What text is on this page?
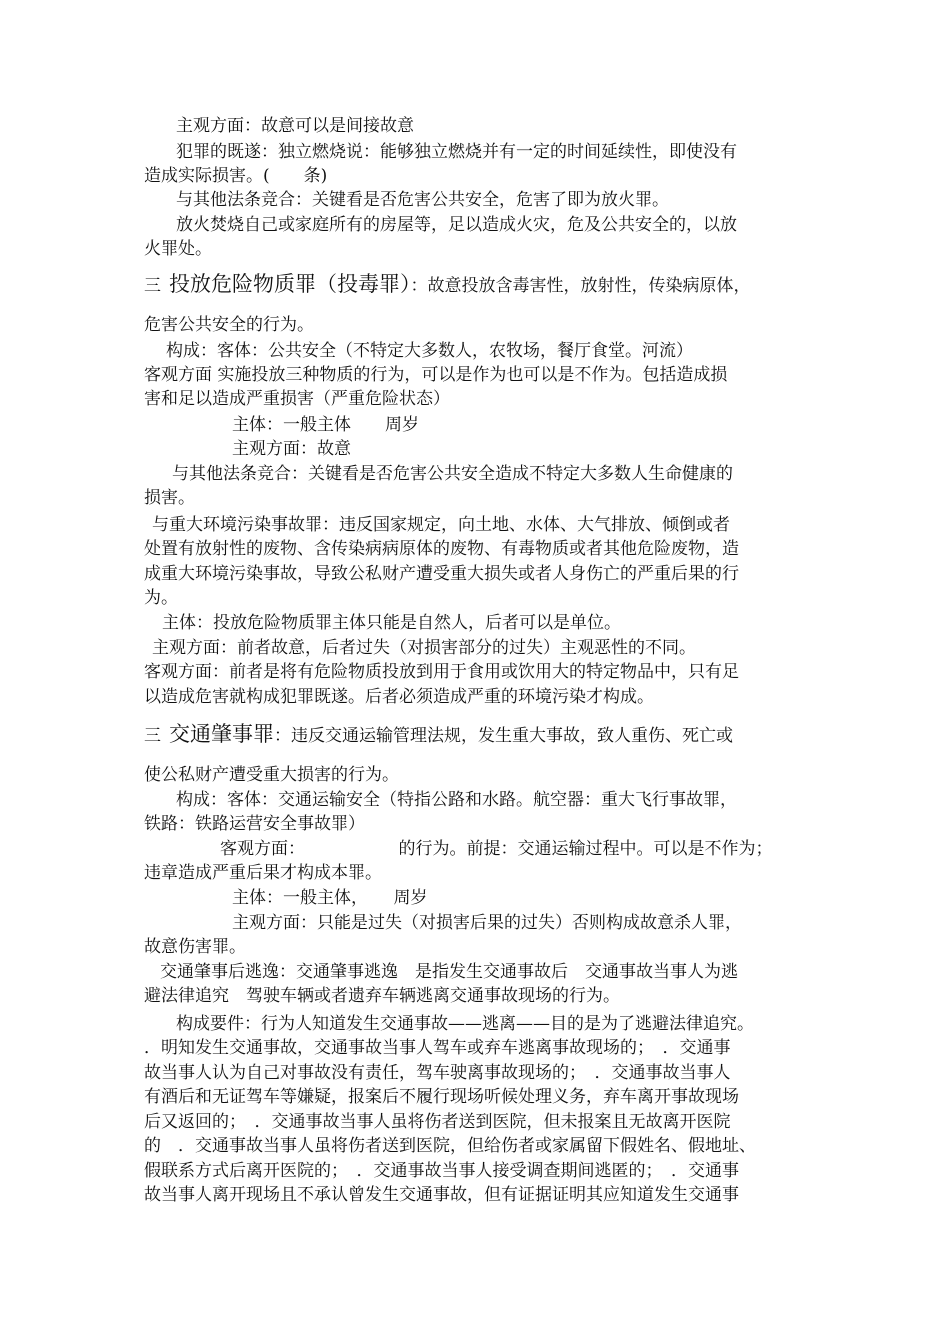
主观方面：故意可以是间接故意
犯罪的既遂：独立燃烧说：能够独立燃烧并有一定的时间延续性，即使没有
造成实际损害。(　　条)
与其他法条竞合：关键看是否危害公共安全，危害了即为放火罪。
放火焚烧自己或家庭所有的房屋等，足以造成火灾，危及公共安全的，以放
火罪处。
三 投放危险物质罪（投毒罪）：故意投放含毒害性，放射性，传染病原体，
危害公共安全的行为。
构成：客体：公共安全（不特定大多数人，农牧场，餐厅食堂。河流）
客观方面 实施投放三种物质的行为，可以是作为也可以是不作为。包括造成损
害和足以造成严重损害（严重危险状态）
主体：一般主体　　周岁
主观方面：故意
与其他法条竞合：关键看是否危害公共安全造成不特定大多数人生命健康的
损害。
与重大环境污染事故罪：违反国家规定，向土地、水体、大气排放、倾倒或者
处置有放射性的废物、含传染病病原体的废物、有毒物质或者其他危险废物，造
成重大环境污染事故，导致公私财产遭受重大损失或者人身伤亡的严重后果的行
为。
主体：投放危险物质罪主体只能是自然人，后者可以是单位。
主观方面：前者故意，后者过失（对损害部分的过失）主观恶性的不同。
客观方面：前者是将有危险物质投放到用于食用或饮用大的特定物品中，只有足
以造成危害就构成犯罪既遂。后者必须造成严重的环境污染才构成。
三 交通肇事罪：违反交通运输管理法规，发生重大事故，致人重伤、死亡或
使公私财产遭受重大损害的行为。
构成：客体：交通运输安全（特指公路和水路。航空器：重大飞行事故罪，
铁路：铁路运营安全事故罪）
客观方面：　　　　　　的行为。前提：交通运输过程中。可以是不作为；
违章造成严重后果才构成本罪。
主体：一般主体，　　周岁
主观方面：只能是过失（对损害后果的过失）否则构成故意杀人罪，
故意伤害罪。
交通肇事后逃逸：交通肇事逃逸　是指发生交通事故后　交通事故当事人为逃
避法律追究　驾驶车辆或者遗弃车辆逃离交通事故现场的行为。
构成要件：行为人知道发生交通事故——逃离——目的是为了逃避法律追究。
．明知发生交通事故，交通事故当事人驾车或弃车逃离事故现场的；　．交通事
故当事人认为自己对事故没有责任，驾车驶离事故现场的；　．交通事故当事人
有酒后和无证驾车等嫌疑，报案后不履行现场听候处理义务，弃车离开事故现场
后又返回的；　．交通事故当事人虽将伤者送到医院，但未报案且无故离开医院
的　．交通事故当事人虽将伤者送到医院，但给伤者或家属留下假姓名、假地址、
假联系方式后离开医院的；　．交通事故当事人接受调查期间逃匿的；　．交通事
故当事人离开现场且不承认曾发生交通事故，但有证据证明其应知道发生交通事
